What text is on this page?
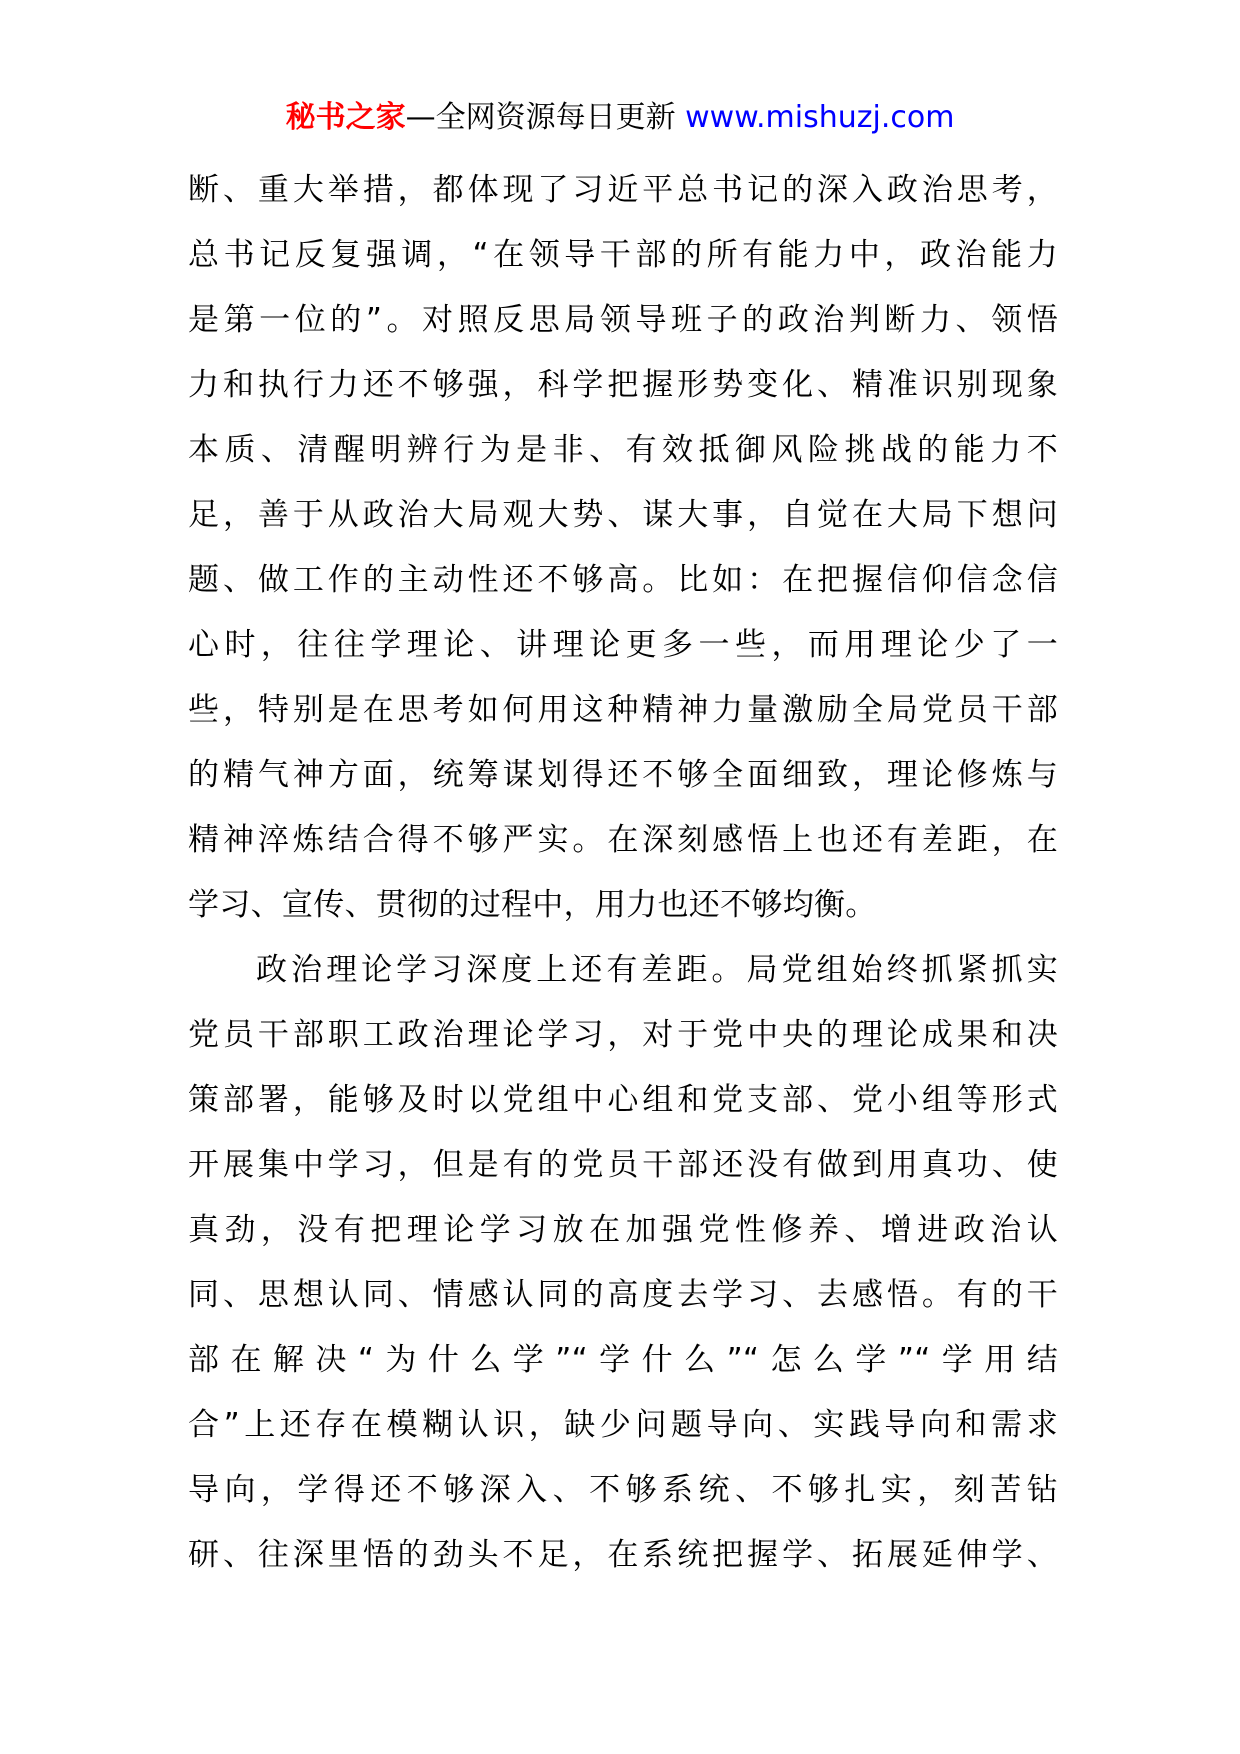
秘书之家—全网资源每日更新 www.mishuzj.com
断、重大举措，都体现了习近平总书记的深入政治思考，
总书记反复强调，“在领导干部的所有能力中，政治能力
是第一位的”。对照反思局领导班子的政治判断力、领悟
力和执行力还不够强，科学把握形势变化、精准识别现象
本质、清醒明辨行为是非、有效抵御风险挑战的能力不
足，善于从政治大局观大势、谋大事，自觉在大局下想问
题、做工作的主动性还不够高。比如：在把握信仰信念信
心时，往往学理论、讲理论更多一些，而用理论少了一
些，特别是在思考如何用这种精神力量激励全局党员干部
的精气神方面，统筹谋划得还不够全面细致，理论修炼与
精神淬炼结合得不够严实。在深刻感悟上也还有差距，在
学习、宣传、贯彻的过程中，用力也还不够均衡。
政治理论学习深度上还有差距。局党组始终抓紧抓实
党员干部职工政治理论学习，对于党中央的理论成果和决
策部署，能够及时以党组中心组和党支部、党小组等形式
开展集中学习，但是有的党员干部还没有做到用真功、使
真劲，没有把理论学习放在加强党性修养、增进政治认
同、思想认同、情感认同的高度去学习、去感悟。有的干
部在解决“为什么学”“学什么”“怎么学”“学用结
合”上还存在模糊认识，缺少问题导向、实践导向和需求
导向，学得还不够深入、不够系统、不够扎实，刻苦钻
研、往深里悟的劲头不足，在系统把握学、拓展延伸学、
